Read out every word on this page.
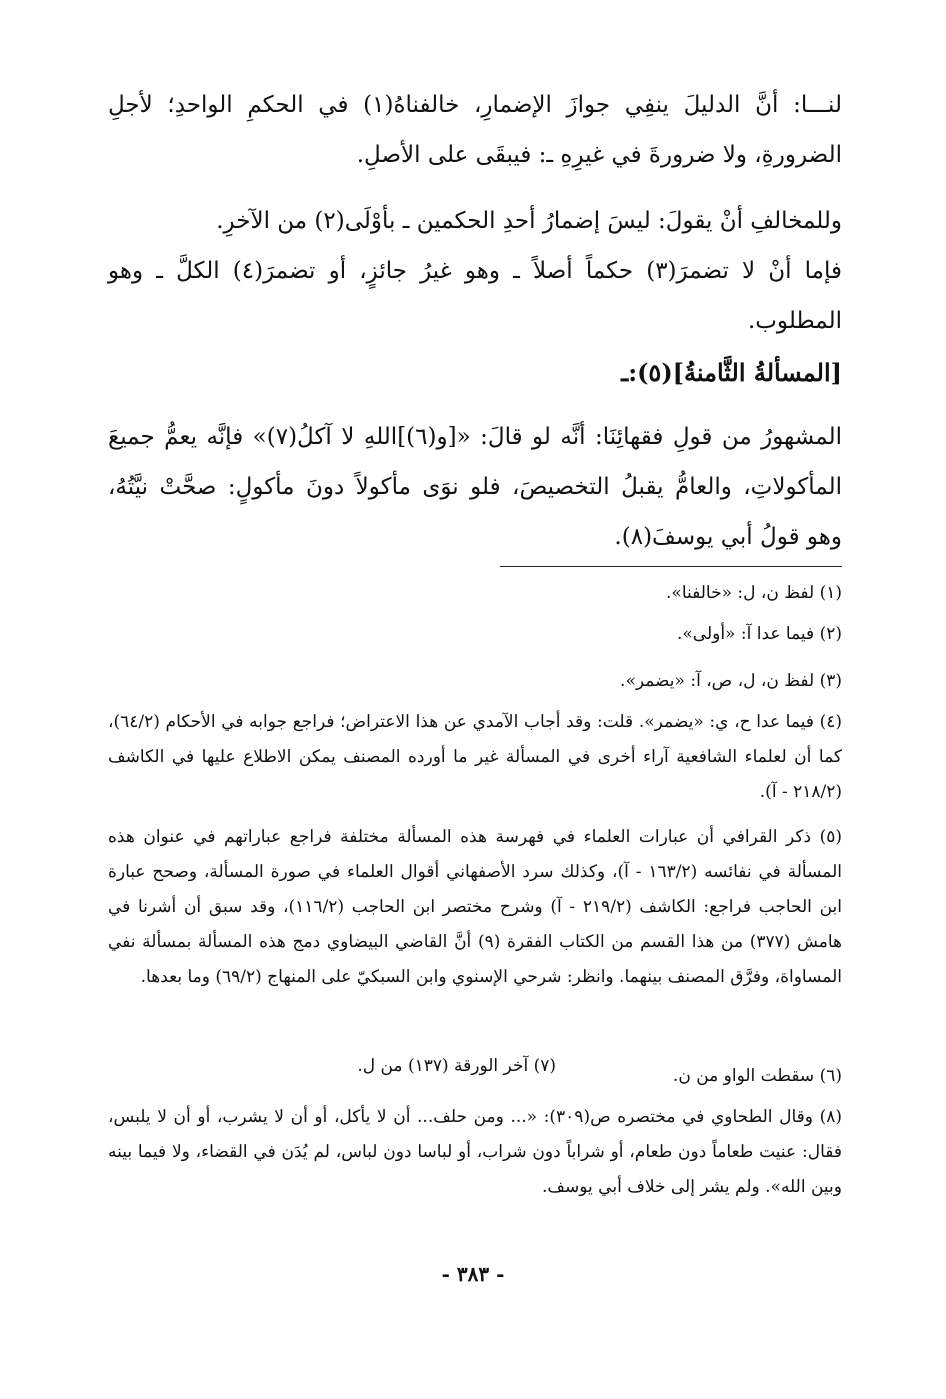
لنـــا: أنَّ الدليلَ ينفِي جوازَ الإضمارِ، خالفناهُ(١) في الحكمِ الواحدِ؛ لأجلِ الضرورةِ، ولا ضرورةَ في غيرِهِ ـ: فيبقَى على الأصلِ.

وللمخالفِ أنْ يقولَ: ليسَ إضمارُ أحدِ الحكمين ـ بأوْلَى(٢) من الآخرِ.

فإما أنْ لا تضمرَ(٣) حكماً أصلاً ـ وهو غيرُ جائزٍ، أو تضمرَ(٤) الكلَّ ـ وهو المطلوب.

[المسألةُ الثَّامنةُ](٥):ـ

المشهورُ من قولِ فقهائِنَا: أنَّه لو قالَ: «[و(٦)]اللهِ لا آكلُ(٧)» فإنَّه يعمُّ جميعَ المأكولاتِ، والعامُّ يقبلُ التخصيصَ، فلو نوَى مأكولاً دونَ مأكولٍ: صحَّتْ نيَّتُهُ، وهو قولُ أبي يوسفَ(٨).

(١) لفظ ن، ل: «خالفنا».

(٢) فيما عدا آ: «أولى».

(٣) لفظ ن، ل، ص، آ: «يضمر».

(٤) فيما عدا ح، ي: «يضمر». قلت: وقد أجاب الآمدي عن هذا الاعتراض؛ فراجع جوابه في الأحكام (٦٤/٢)، كما أن لعلماء الشافعية آراء أخرى في المسألة غير ما أورده المصنف يمكن الاطلاع عليها في الكاشف (٢١٨/٢ - آ).

(٥) ذكر القرافي أن عبارات العلماء في فهرسة هذه المسألة مختلفة فراجع عباراتهم في عنوان هذه المسألة في نفائسه (١٦٣/٢ - آ)، وكذلك سرد الأصفهاني أقوال العلماء في صورة المسألة، وصحح عبارة ابن الحاجب فراجع: الكاشف (٢١٩/٢ - آ) وشرح مختصر ابن الحاجب (١١٦/٢)، وقد سبق أن أشرنا في هامش (٣٧٧) من هذا القسم من الكتاب الفقرة (٩) أنَّ القاضي البيضاوي دمج هذه المسألة بمسألة نفي المساواة، وفرَّق المصنف بينهما. وانظر: شرحي الإسنوي وابن السبكيّ على المنهاج (٦٩/٢) وما بعدها.

(٦) سقطت الواو من ن.
(٧) آخر الورقة (١٣٧) من ل.

(٨) وقال الطحاوي في مختصره ص(٣٠٩): «... ومن حلف... أن لا يأكل، أو أن لا يشرب، أو أن لا يلبس، فقال: عنيت طعاماً دون طعام، أو شراباً دون شراب، أو لباسا دون لباس، لم يُدَن في القضاء، ولا فيما بينه وبين الله». ولم يشر إلى خلاف أبي يوسف.

- ٣٨٣ -
